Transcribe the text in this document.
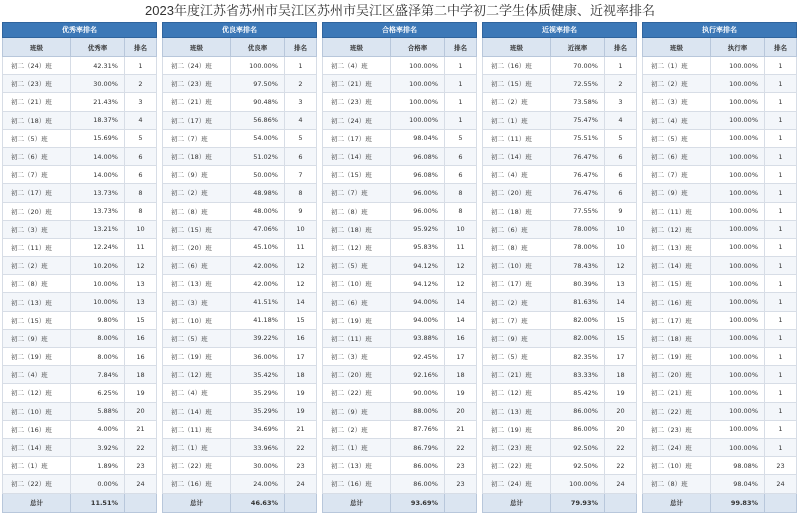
2023年度江苏省苏州市吴江区苏州市吴江区盛泽第二中学初二学生体质健康、近视率排名
优秀率排名		
班级	优秀率	排名
初二（24）班	42.31%	1
初二（23）班	30.00%	2
初二（21）班	21.43%	3
初二（18）班	18.37%	4
初二（5）班	15.69%	5
初二（6）班	14.00%	6
初二（7）班	14.00%	6
初二（17）班	13.73%	8
初二（20）班	13.73%	8
初二（3）班	13.21%	10
初二（11）班	12.24%	11
初二（2）班	10.20%	12
初二（8）班	10.00%	13
初二（13）班	10.00%	13
初二（15）班	9.80%	15
初二（9）班	8.00%	16
初二（19）班	8.00%	16
初二（4）班	7.84%	18
初二（12）班	6.25%	19
初二（10）班	5.88%	20
初二（16）班	4.00%	21
初二（14）班	3.92%	22
初二（1）班	1.89%	23
初二（22）班	0.00%	24
总计	11.51%	
优良率排名		
班级	优良率	排名
初二（24）班	100.00%	1
初二（23）班	97.50%	2
初二（21）班	90.48%	3
初二（17）班	56.86%	4
初二（7）班	54.00%	5
初二（18）班	51.02%	6
初二（9）班	50.00%	7
初二（2）班	48.98%	8
初二（8）班	48.00%	9
初二（15）班	47.06%	10
初二（20）班	45.10%	11
初二（6）班	42.00%	12
初二（13）班	42.00%	12
初二（3）班	41.51%	14
初二（10）班	41.18%	15
初二（5）班	39.22%	16
初二（19）班	36.00%	17
初二（12）班	35.42%	18
初二（4）班	35.29%	19
初二（14）班	35.29%	19
初二（11）班	34.69%	21
初二（1）班	33.96%	22
初二（22）班	30.00%	23
初二（16）班	24.00%	24
总计	46.63%	
合格率排名		
班级	合格率	排名
初二（4）班	100.00%	1
初二（21）班	100.00%	1
初二（23）班	100.00%	1
初二（24）班	100.00%	1
初二（17）班	98.04%	5
初二（14）班	96.08%	6
初二（15）班	96.08%	6
初二（7）班	96.00%	8
初二（8）班	96.00%	8
初二（18）班	95.92%	10
初二（12）班	95.83%	11
初二（5）班	94.12%	12
初二（10）班	94.12%	12
初二（6）班	94.00%	14
初二（19）班	94.00%	14
初二（11）班	93.88%	16
初二（3）班	92.45%	17
初二（20）班	92.16%	18
初二（22）班	90.00%	19
初二（9）班	88.00%	20
初二（2）班	87.76%	21
初二（1）班	86.79%	22
初二（13）班	86.00%	23
初二（16）班	86.00%	23
总计	93.69%	
近视率排名		
班级	近视率	排名
初二（16）班	70.00%	1
初二（15）班	72.55%	2
初二（2）班	73.58%	3
初二（1）班	75.47%	4
初二（11）班	75.51%	5
初二（14）班	76.47%	6
初二（4）班	76.47%	6
初二（20）班	76.47%	6
初二（18）班	77.55%	9
初二（6）班	78.00%	10
初二（8）班	78.00%	10
初二（10）班	78.43%	12
初二（17）班	80.39%	13
初二（2）班	81.63%	14
初二（7）班	82.00%	15
初二（9）班	82.00%	15
初二（5）班	82.35%	17
初二（21）班	83.33%	18
初二（12）班	85.42%	19
初二（13）班	86.00%	20
初二（19）班	86.00%	20
初二（23）班	92.50%	22
初二（22）班	92.50%	22
初二（24）班	100.00%	24
总计	79.93%	
执行率排名		
班级	执行率	排名
初二（1）班	100.00%	1
初二（2）班	100.00%	1
初二（3）班	100.00%	1
初二（4）班	100.00%	1
初二（5）班	100.00%	1
初二（6）班	100.00%	1
初二（7）班	100.00%	1
初二（9）班	100.00%	1
初二（11）班	100.00%	1
初二（12）班	100.00%	1
初二（13）班	100.00%	1
初二（14）班	100.00%	1
初二（15）班	100.00%	1
初二（16）班	100.00%	1
初二（17）班	100.00%	1
初二（18）班	100.00%	1
初二（19）班	100.00%	1
初二（20）班	100.00%	1
初二（21）班	100.00%	1
初二（22）班	100.00%	1
初二（23）班	100.00%	1
初二（24）班	100.00%	1
初二（10）班	98.08%	23
初二（8）班	98.04%	24
总计	99.83%	
